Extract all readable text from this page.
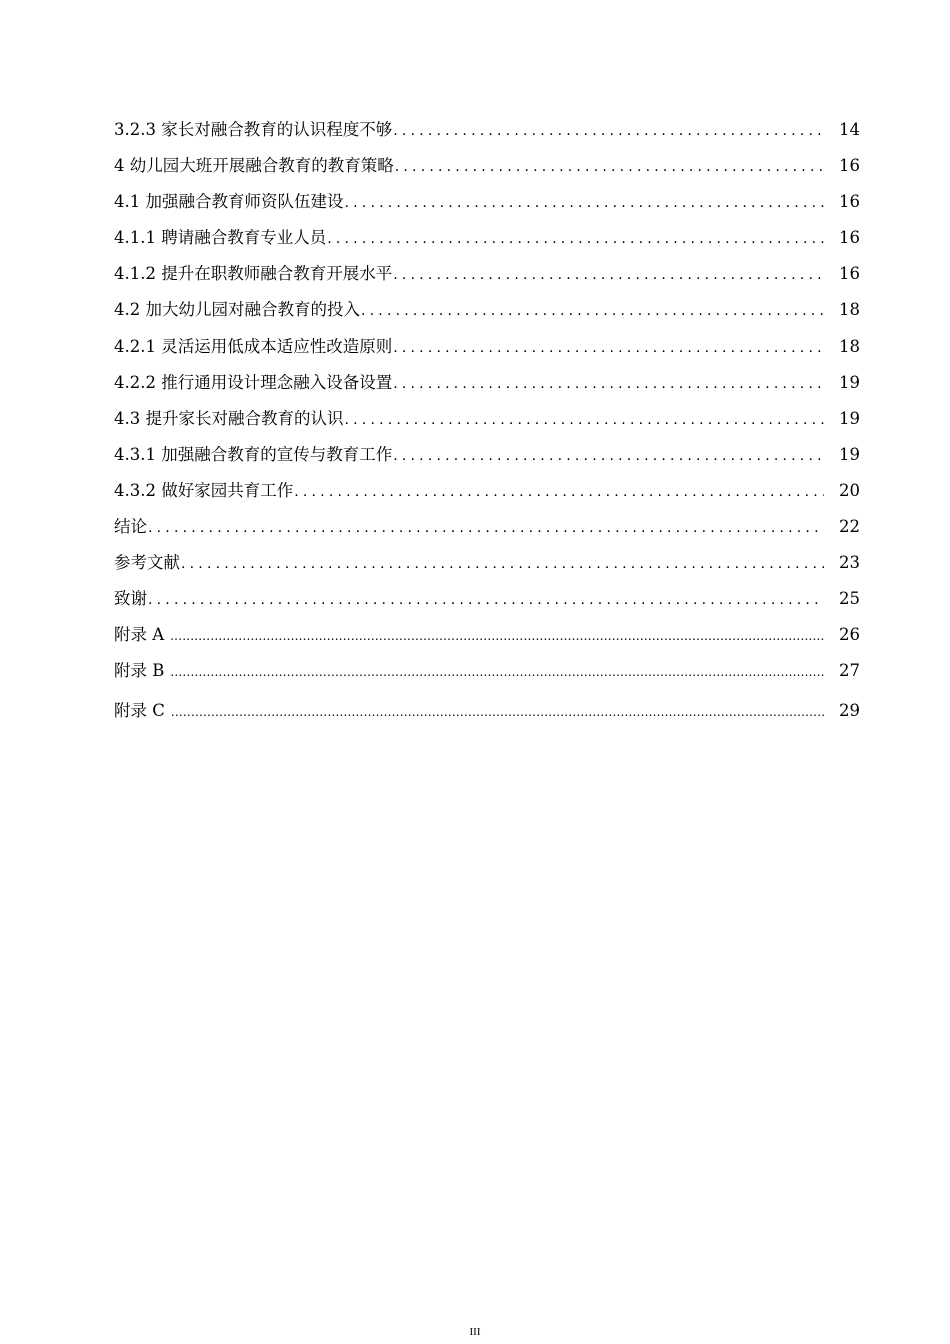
3.2.3 家长对融合教育的认识程度不够 .....	14
4 幼儿园大班开展融合教育的教育策略 .....	16
4.1 加强融合教育师资队伍建设 .....	16
4.1.1 聘请融合教育专业人员 .....	16
4.1.2 提升在职教师融合教育开展水平 .....	16
4.2 加大幼儿园对融合教育的投入 .....	18
4.2.1 灵活运用低成本适应性改造原则 .....	18
4.2.2 推行通用设计理念融入设备设置 .....	19
4.3 提升家长对融合教育的认识 .....	19
4.3.1 加强融合教育的宣传与教育工作 .....	19
4.3.2 做好家园共育工作 .....	20
结论 .....	22
参考文献 .....	23
致谢 .....	25
附录 A .....	26
附录 B .....	27
附录 C .....	29
III
